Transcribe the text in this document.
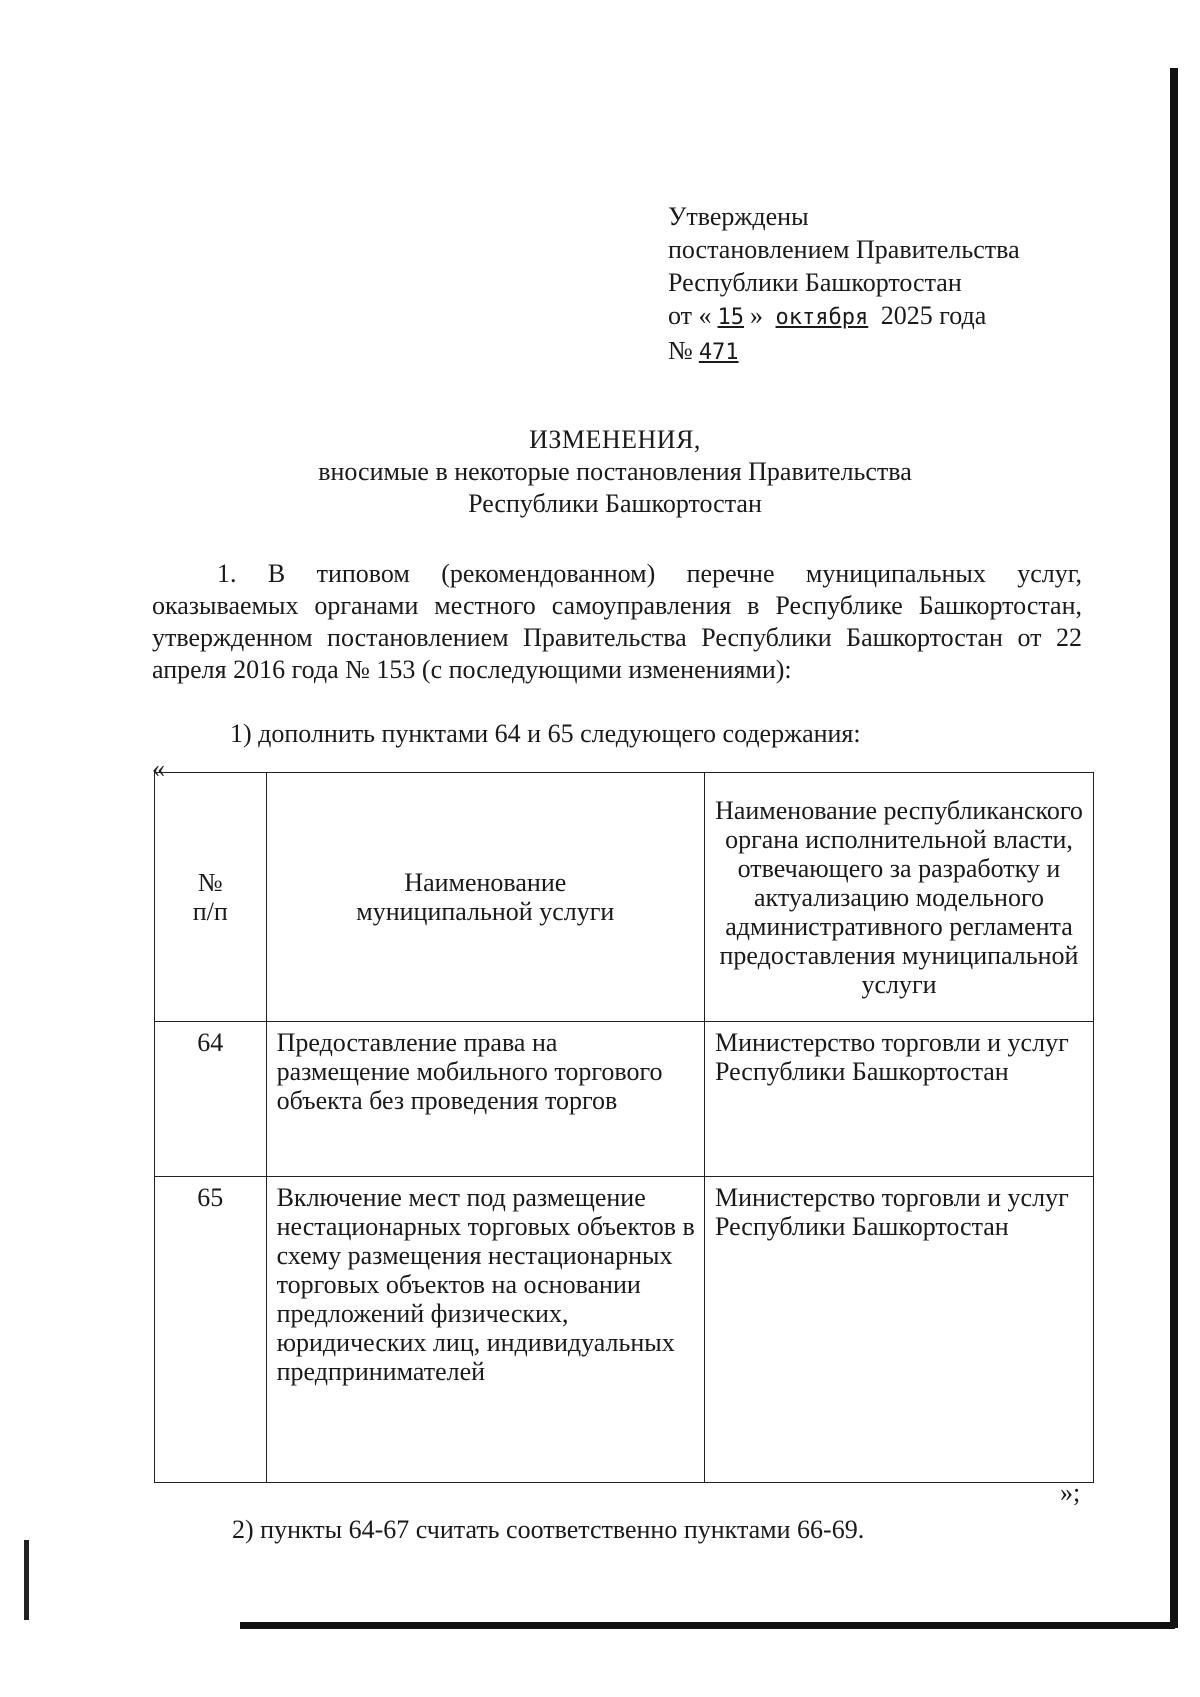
Утверждены
постановлением Правительства
Республики Башкортостан
от « 15 » октября 2025 года
№ 471
ИЗМЕНЕНИЯ,
вносимые в некоторые постановления Правительства
Республики Башкортостан
1. В типовом (рекомендованном) перечне муниципальных услуг, оказываемых органами местного самоуправления в Республике Башкортостан, утвержденном постановлением Правительства Республики Башкортостан от 22 апреля 2016 года № 153 (с последующими изменениями):
1) дополнить пунктами 64 и 65 следующего содержания:
«
№
п/п	Наименование муниципальной услуги	Наименование республиканского органа исполнительной власти, отвечающего за разработку и актуализацию модельного административного регламента предоставления муниципальной услуги

64	Предоставление права на размещение мобильного торгового объекта без проведения торгов	Министерство торговли и услуг Республики Башкортостан
65	Включение мест под размещение нестационарных торговых объектов в схему размещения нестационарных торговых объектов на основании предложений физических, юридических лиц, индивидуальных предпринимателей	Министерство торговли и услуг Республики Башкортостан
»;
2) пункты 64-67 считать соответственно пунктами 66-69.
